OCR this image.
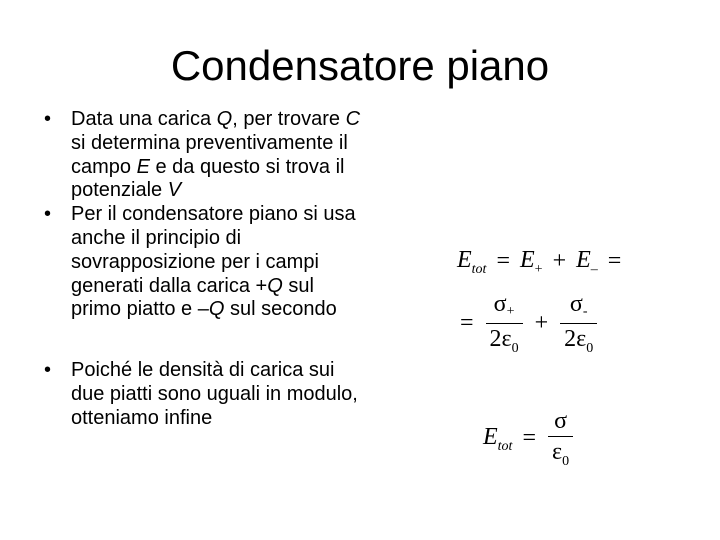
Condensatore piano
• Data una carica Q, per trovare C si determina preventivamente il campo E e da questo si trova il potenziale V
• Per il condensatore piano si usa anche il principio di sovrapposizione per i campi generati dalla carica +Q sul primo piatto e –Q sul secondo
• Poiché le densità di carica sui due piatti sono uguali in modulo, otteniamo infine
$E_{tot} = E_+ + E_-$ =
= $\frac{\sigma+}{2\varepsilon_0} + \frac{\sigma-}{2\varepsilon_0}$
$E_{tot} = \frac{\sigma}{\varepsilon_0}$
